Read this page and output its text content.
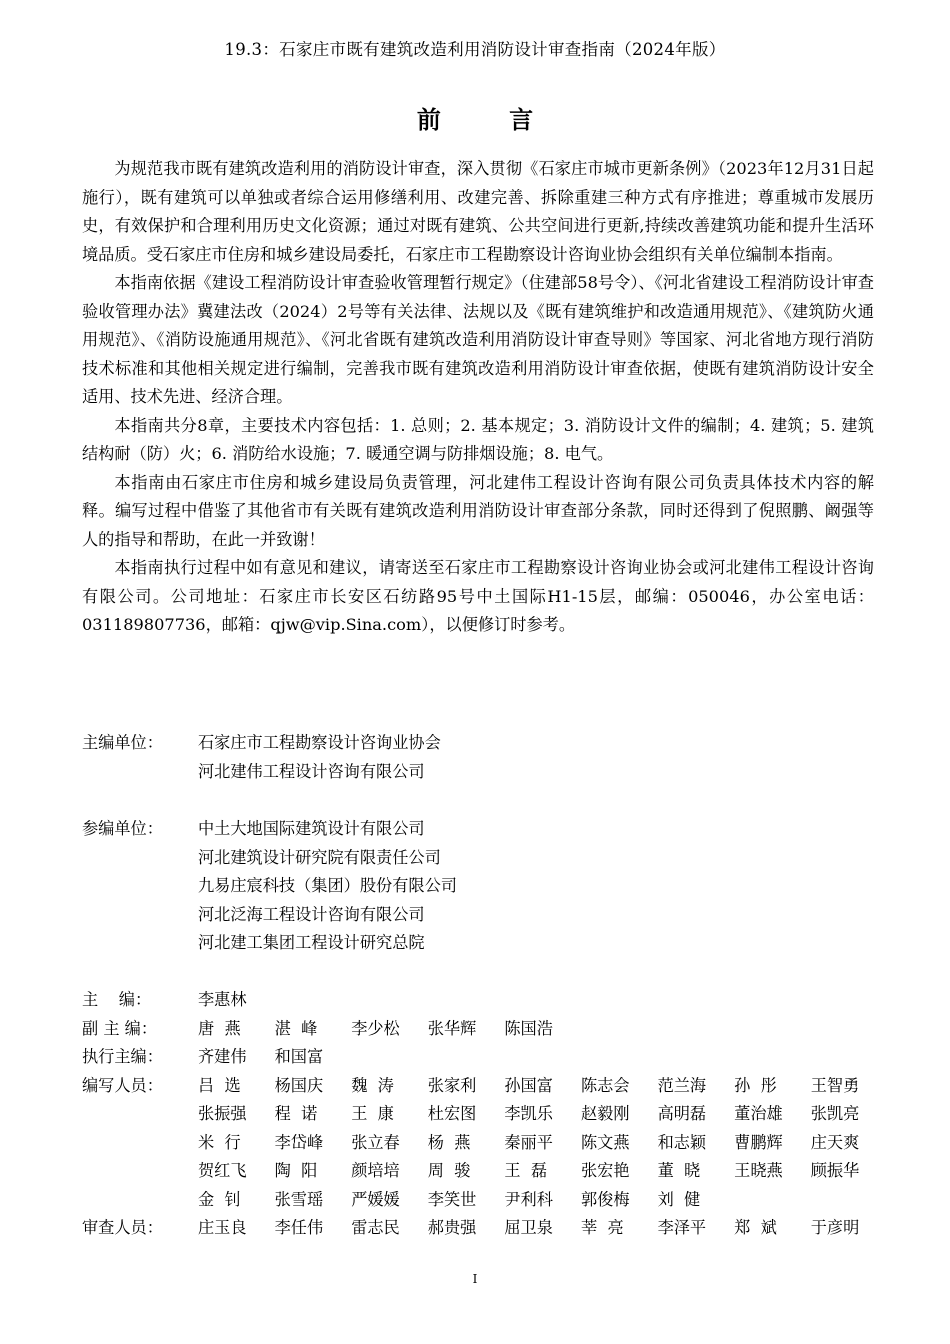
19.3：石家庄市既有建筑改造利用消防设计审查指南（2024年版）
前 言

为规范我市既有建筑改造利用的消防设计审查，深入贯彻《石家庄市城市更新条例》（2023年12月31日起施行），既有建筑可以单独或者综合运用修缮利用、改建完善、拆除重建三种方式有序推进；尊重城市发展历史，有效保护和合理利用历史文化资源；通过对既有建筑、公共空间进行更新,持续改善建筑功能和提升生活环境品质。受石家庄市住房和城乡建设局委托，石家庄市工程勘察设计咨询业协会组织有关单位编制本指南。

本指南依据《建设工程消防设计审查验收管理暂行规定》（住建部58号令）、《河北省建设工程消防设计审查验收管理办法》冀建法改（2024）2号等有关法律、法规以及《既有建筑维护和改造通用规范》、《建筑防火通用规范》、《消防设施通用规范》、《河北省既有建筑改造利用消防设计审查导则》等国家、河北省地方现行消防技术标准和其他相关规定进行编制，完善我市既有建筑改造利用消防设计审查依据，使既有建筑消防设计安全适用、技术先进、经济合理。

本指南共分8章，主要技术内容包括：1. 总则；2. 基本规定；3. 消防设计文件的编制；4. 建筑；5. 建筑结构耐（防）火；6. 消防给水设施；7. 暖通空调与防排烟设施；8. 电气。

本指南由石家庄市住房和城乡建设局负责管理，河北建伟工程设计咨询有限公司负责具体技术内容的解释。编写过程中借鉴了其他省市有关既有建筑改造利用消防设计审查部分条款，同时还得到了倪照鹏、阚强等人的指导和帮助，在此一并致谢！

本指南执行过程中如有意见和建议，请寄送至石家庄市工程勘察设计咨询业协会或河北建伟工程设计咨询有限公司。公司地址：石家庄市长安区石纺路95号中土国际H1-15层，邮编：050046，办公室电话：031189807736，邮箱：qjw@vip.Sina.com），以便修订时参考。

主编单位：	石家庄市工程勘察设计咨询业协会
河北建伟工程设计咨询有限公司
参编单位：	中土大地国际建筑设计有限公司
河北建筑设计研究院有限责任公司
九易庄宸科技（集团）股份有限公司
河北泛海工程设计咨询有限公司
河北建工集团工程设计研究总院
主    编：	李惠林
副 主 编：	唐  燕	湛  峰	李少松	张华辉	陈国浩
执行主编：	齐建伟	和国富
编写人员：	吕  选	杨国庆	魏  涛	张家利	孙国富	陈志会	范兰海	孙  彤	王智勇
张振强	程  诺	王  康	杜宏图	李凯乐	赵毅刚	高明磊	董治雄	张凯亮
米  行	李岱峰	张立春	杨  燕	秦丽平	陈文燕	和志颖	曹鹏辉	庄天爽
贺红飞	陶  阳	颜培培	周  骏	王  磊	张宏艳	董  晓	王晓燕	顾振华
金  钊	张雪瑶	严媛媛	李笑世	尹利科	郭俊梅	刘  健
审查人员：	庄玉良	李任伟	雷志民	郝贵强	屈卫泉	莘  亮	李泽平	郑  斌	于彦明
I
